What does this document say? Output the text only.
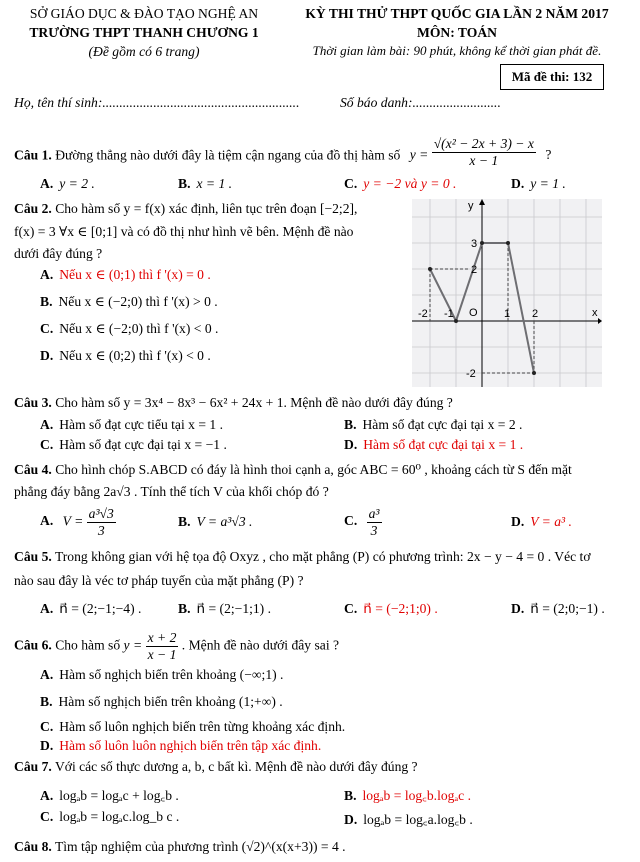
SỞ GIÁO DỤC & ĐÀO TẠO NGHỆ AN
TRƯỜNG THPT THANH CHƯƠNG 1
(Đề gồm có 6 trang)
KỲ THI THỬ THPT QUỐC GIA LẦN 2 NĂM 2017
MÔN: TOÁN
Thời gian làm bài: 90 phút, không kể thời gian phát đề.
Mã đề thi: 132
Họ, tên thí sinh:..........................................................	Số báo danh:..........................
Câu 1. Đường thẳng nào dưới đây là tiệm cận ngang của đồ thị hàm số $y = \frac{\text{√(x² − 2x + 3) − x}}{x - 1}$ ?
A. y = 2 .	B. x = 1 .	C. y = −2 và y = 0 .	D. y = 1 .
Câu 2. Cho hàm số y = f(x) xác định, liên tục trên đoạn [−2;2],
f(x) = 3 ∀x ∈ [0;1] và có đồ thị như hình vẽ bên. Mệnh đề nào
dưới đây đúng ?
A. Nếu x ∈ (0;1) thì f '(x) = 0 .
B. Nếu x ∈ (−2;0) thì f '(x) > 0 .
C. Nếu x ∈ (−2;0) thì f '(x) < 0 .
D. Nếu x ∈ (0;2) thì f '(x) < 0 .
y
x
O
3
2
-2 -1	1 2
-2
Câu 3. Cho hàm số y = 3x⁴ − 8x³ − 6x² + 24x + 1. Mệnh đề nào dưới đây đúng ?
A. Hàm số đạt cực tiểu tại x = 1 .	B. Hàm số đạt cực đại tại x = 2 .
C. Hàm số đạt cực đại tại x = −1 .	D. Hàm số đạt cực đại tại x = 1 .
Câu 4. Cho hình chóp S.ABCD có đáy là hình thoi cạnh a, góc ABC = 60⁰ , khoảng cách từ S đến mặt
phẳng đáy bằng 2a√3 . Tính thể tích V của khối chóp đó ?
A. $V = \frac{\text{a³√3}}{3}$	B. V = a³√3 .	C. $\frac{\text{a³}}{3}$	D. V = a³ .
Câu 5. Trong không gian với hệ tọa độ Oxyz , cho mặt phẳng (P) có phương trình: 2x − y − 4 = 0 . Véc tơ
nào sau đây là véc tơ pháp tuyến của mặt phẳng (P) ?
A. n⃗ = (2;−1;−4) .	B. n⃗ = (2;−1;1) .	C. n⃗ = (−2;1;0) .	D. n⃗ = (2;0;−1) .
Câu 6. Cho hàm số $y = \frac{x + 2}{x - 1}$ . Mệnh đề nào dưới đây sai ?
A. Hàm số nghịch biến trên khoảng (−∞;1) .
B. Hàm số nghịch biến trên khoảng (1;+∞) .
C. Hàm số luôn nghịch biến trên từng khoảng xác định.
D. Hàm số luôn luôn nghịch biến trên tập xác định.
Câu 7. Với các số thực dương a, b, c bất kì. Mệnh đề nào dưới đây đúng ?
A. logₐb = logₐc + log꜀b .	B. logₐb = log꜀b.logₐc .
C. logₐb = logₐc.log_b c .	D. logₐb = log꜀a.log꜀b .
Câu 8. Tìm tập nghiệm của phương trình (√2)^(x(x+3)) = 4 .
